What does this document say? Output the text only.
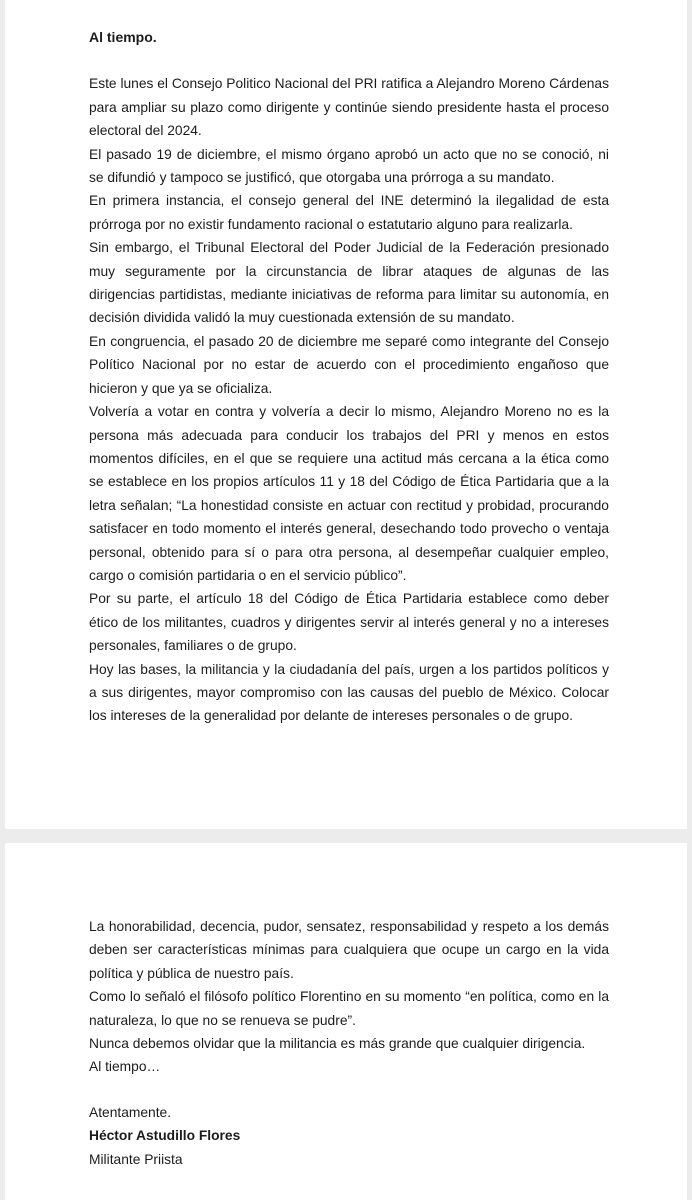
Al tiempo.

Este lunes el Consejo Politico Nacional del PRI ratifica a Alejandro Moreno Cárdenas para ampliar su plazo como dirigente y continúe siendo presidente hasta el proceso electoral del 2024.

El pasado 19 de diciembre, el mismo órgano aprobó un acto que no se conoció, ni se difundió y tampoco se justificó, que otorgaba una prórroga a su mandato.

En primera instancia, el consejo general del INE determinó la ilegalidad de esta prórroga por no existir fundamento racional o estatutario alguno para realizarla.

Sin embargo, el Tribunal Electoral del Poder Judicial de la Federación presionado muy seguramente por la circunstancia de librar ataques de algunas de las dirigencias partidistas, mediante iniciativas de reforma para limitar su autonomía, en decisión dividida validó la muy cuestionada extensión de su mandato.

En congruencia, el pasado 20 de diciembre me separé como integrante del Consejo Político Nacional por no estar de acuerdo con el procedimiento engañoso que hicieron y que ya se oficializa.

Volvería a votar en contra y volvería a decir lo mismo, Alejandro Moreno no es la persona más adecuada para conducir los trabajos del PRI y menos en estos momentos difíciles, en el que se requiere una actitud más cercana a la ética como se establece en los propios artículos 11 y 18 del Código de Ética Partidaria que a la letra señalan; “La honestidad consiste en actuar con rectitud y probidad, procurando satisfacer en todo momento el interés general, desechando todo provecho o ventaja personal, obtenido para sí o para otra persona, al desempeñar cualquier empleo, cargo o comisión partidaria o en el servicio público”.

Por su parte, el artículo 18 del Código de Ética Partidaria establece como deber ético de los militantes, cuadros y dirigentes servir al interés general y no a intereses personales, familiares o de grupo.

Hoy las bases, la militancia y la ciudadanía del país, urgen a los partidos políticos y a sus dirigentes, mayor compromiso con las causas del pueblo de México. Colocar los intereses de la generalidad por delante de intereses personales o de grupo.

La honorabilidad, decencia, pudor, sensatez, responsabilidad y respeto a los demás deben ser características mínimas para cualquiera que ocupe un cargo en la vida política y pública de nuestro país.

Como lo señaló el filósofo político Florentino en su momento “en política, como en la naturaleza, lo que no se renueva se pudre”.

Nunca debemos olvidar que la militancia es más grande que cualquier dirigencia.

Al tiempo…

Atentamente.
Héctor Astudillo Flores
Militante Priista
